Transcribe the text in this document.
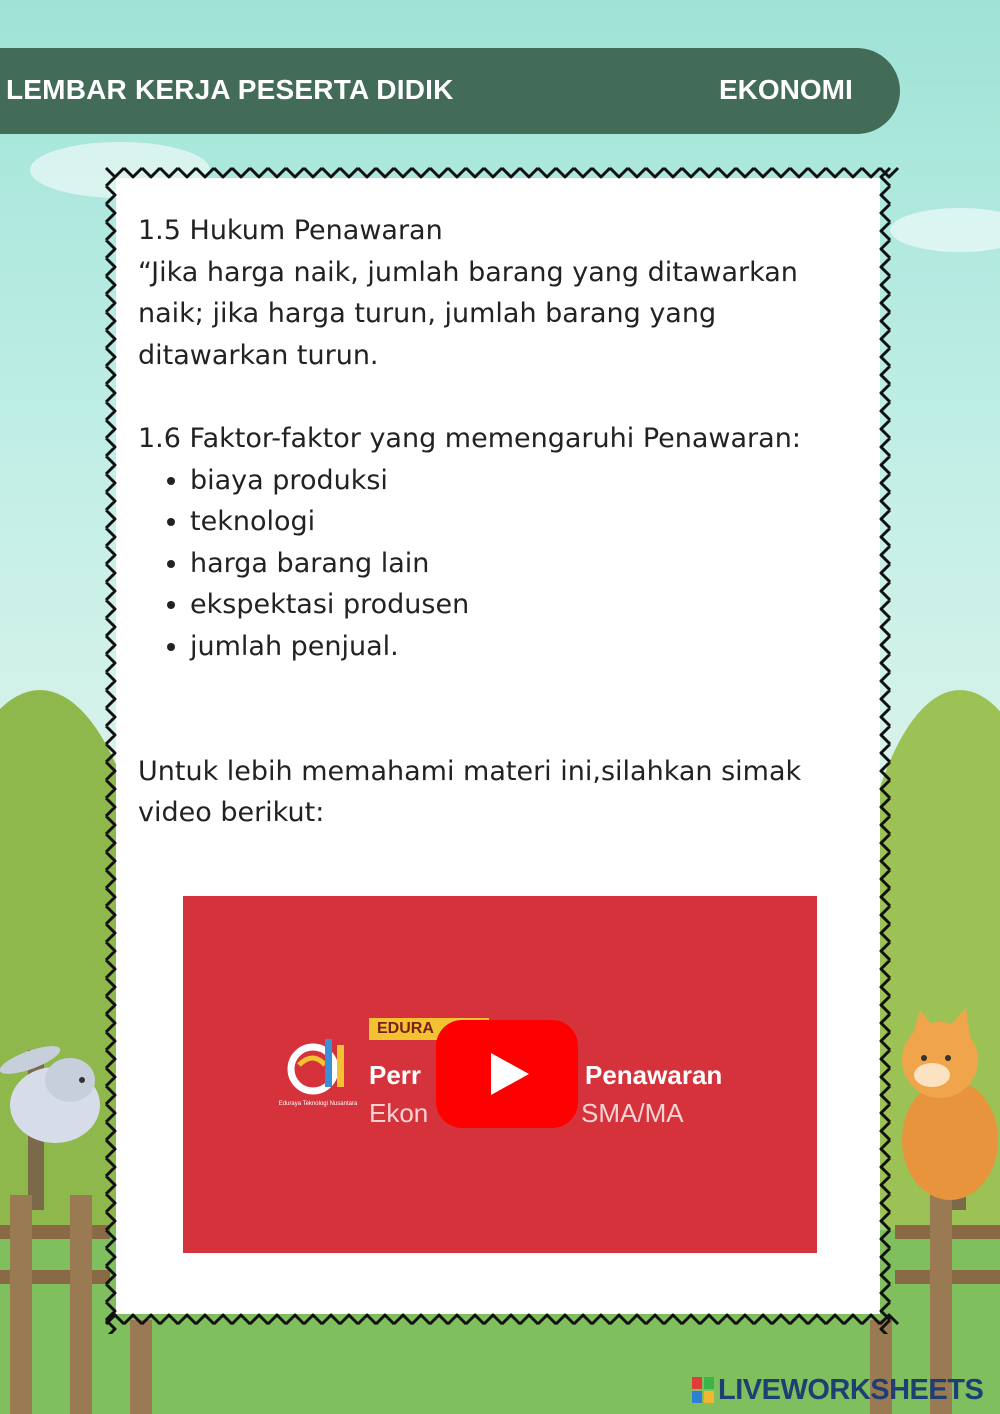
LEMBAR KERJA PESERTA DIDIK	EKONOMI

1.5 Hukum Penawaran

“Jika harga naik, jumlah barang yang ditawarkan naik; jika harga turun, jumlah barang yang ditawarkan turun.

1.6 Faktor-faktor yang memengaruhi Penawaran:

• biaya produksi
• teknologi
• harga barang lain
• ekspektasi produsen
• jumlah penjual.

Untuk lebih memahami materi ini,silahkan simak video berikut:

Eduraya Teknologi Nusantara
EDURA
Perr	Penawaran
Ekon	SMA/MA
LIVEWORKSHEETS
